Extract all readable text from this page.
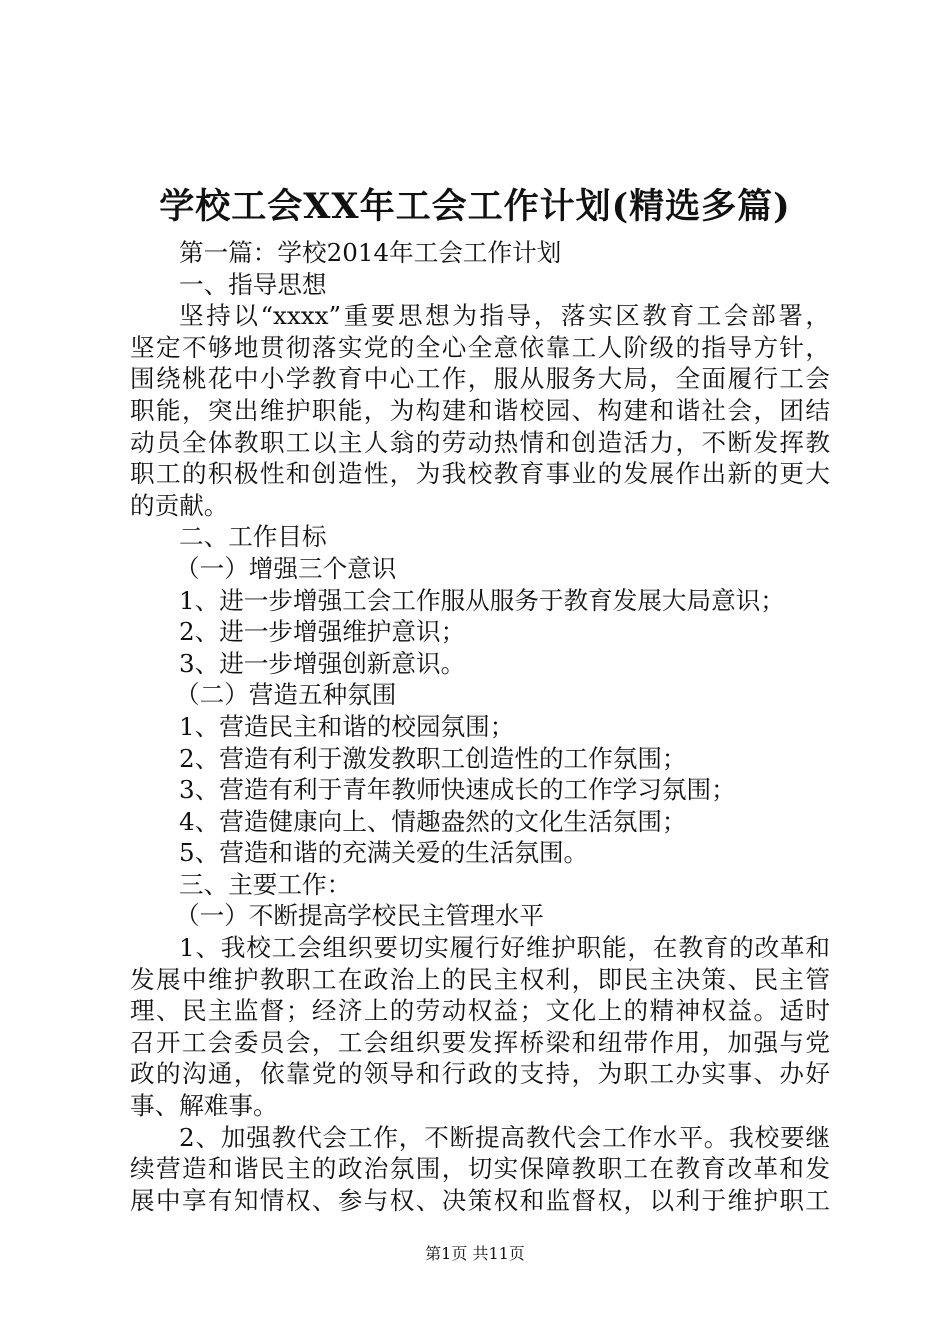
学校工会XX年工会工作计划(精选多篇)
第一篇：学校2014年工会工作计划
一、指导思想
坚持以“xxxx”重要思想为指导，落实区教育工会部署，
坚定不够地贯彻落实党的全心全意依靠工人阶级的指导方针，
围绕桃花中小学教育中心工作，服从服务大局，全面履行工会
职能，突出维护职能，为构建和谐校园、构建和谐社会，团结
动员全体教职工以主人翁的劳动热情和创造活力，不断发挥教
职工的积极性和创造性，为我校教育事业的发展作出新的更大
的贡献。
二、工作目标
（一）增强三个意识
1、进一步增强工会工作服从服务于教育发展大局意识；
2、进一步增强维护意识；
3、进一步增强创新意识。
（二）营造五种氛围
1、营造民主和谐的校园氛围；
2、营造有利于激发教职工创造性的工作氛围；
3、营造有利于青年教师快速成长的工作学习氛围；
4、营造健康向上、情趣盎然的文化生活氛围；
5、营造和谐的充满关爱的生活氛围。
三、主要工作：
（一）不断提高学校民主管理水平
1、我校工会组织要切实履行好维护职能，在教育的改革和
发展中维护教职工在政治上的民主权利，即民主决策、民主管
理、民主监督；经济上的劳动权益；文化上的精神权益。适时
召开工会委员会，工会组织要发挥桥梁和纽带作用，加强与党
政的沟通，依靠党的领导和行政的支持，为职工办实事、办好
事、解难事。
2、加强教代会工作，不断提高教代会工作水平。我校要继
续营造和谐民主的政治氛围，切实保障教职工在教育改革和发
展中享有知情权、参与权、决策权和监督权，以利于维护职工
第1页 共11页
